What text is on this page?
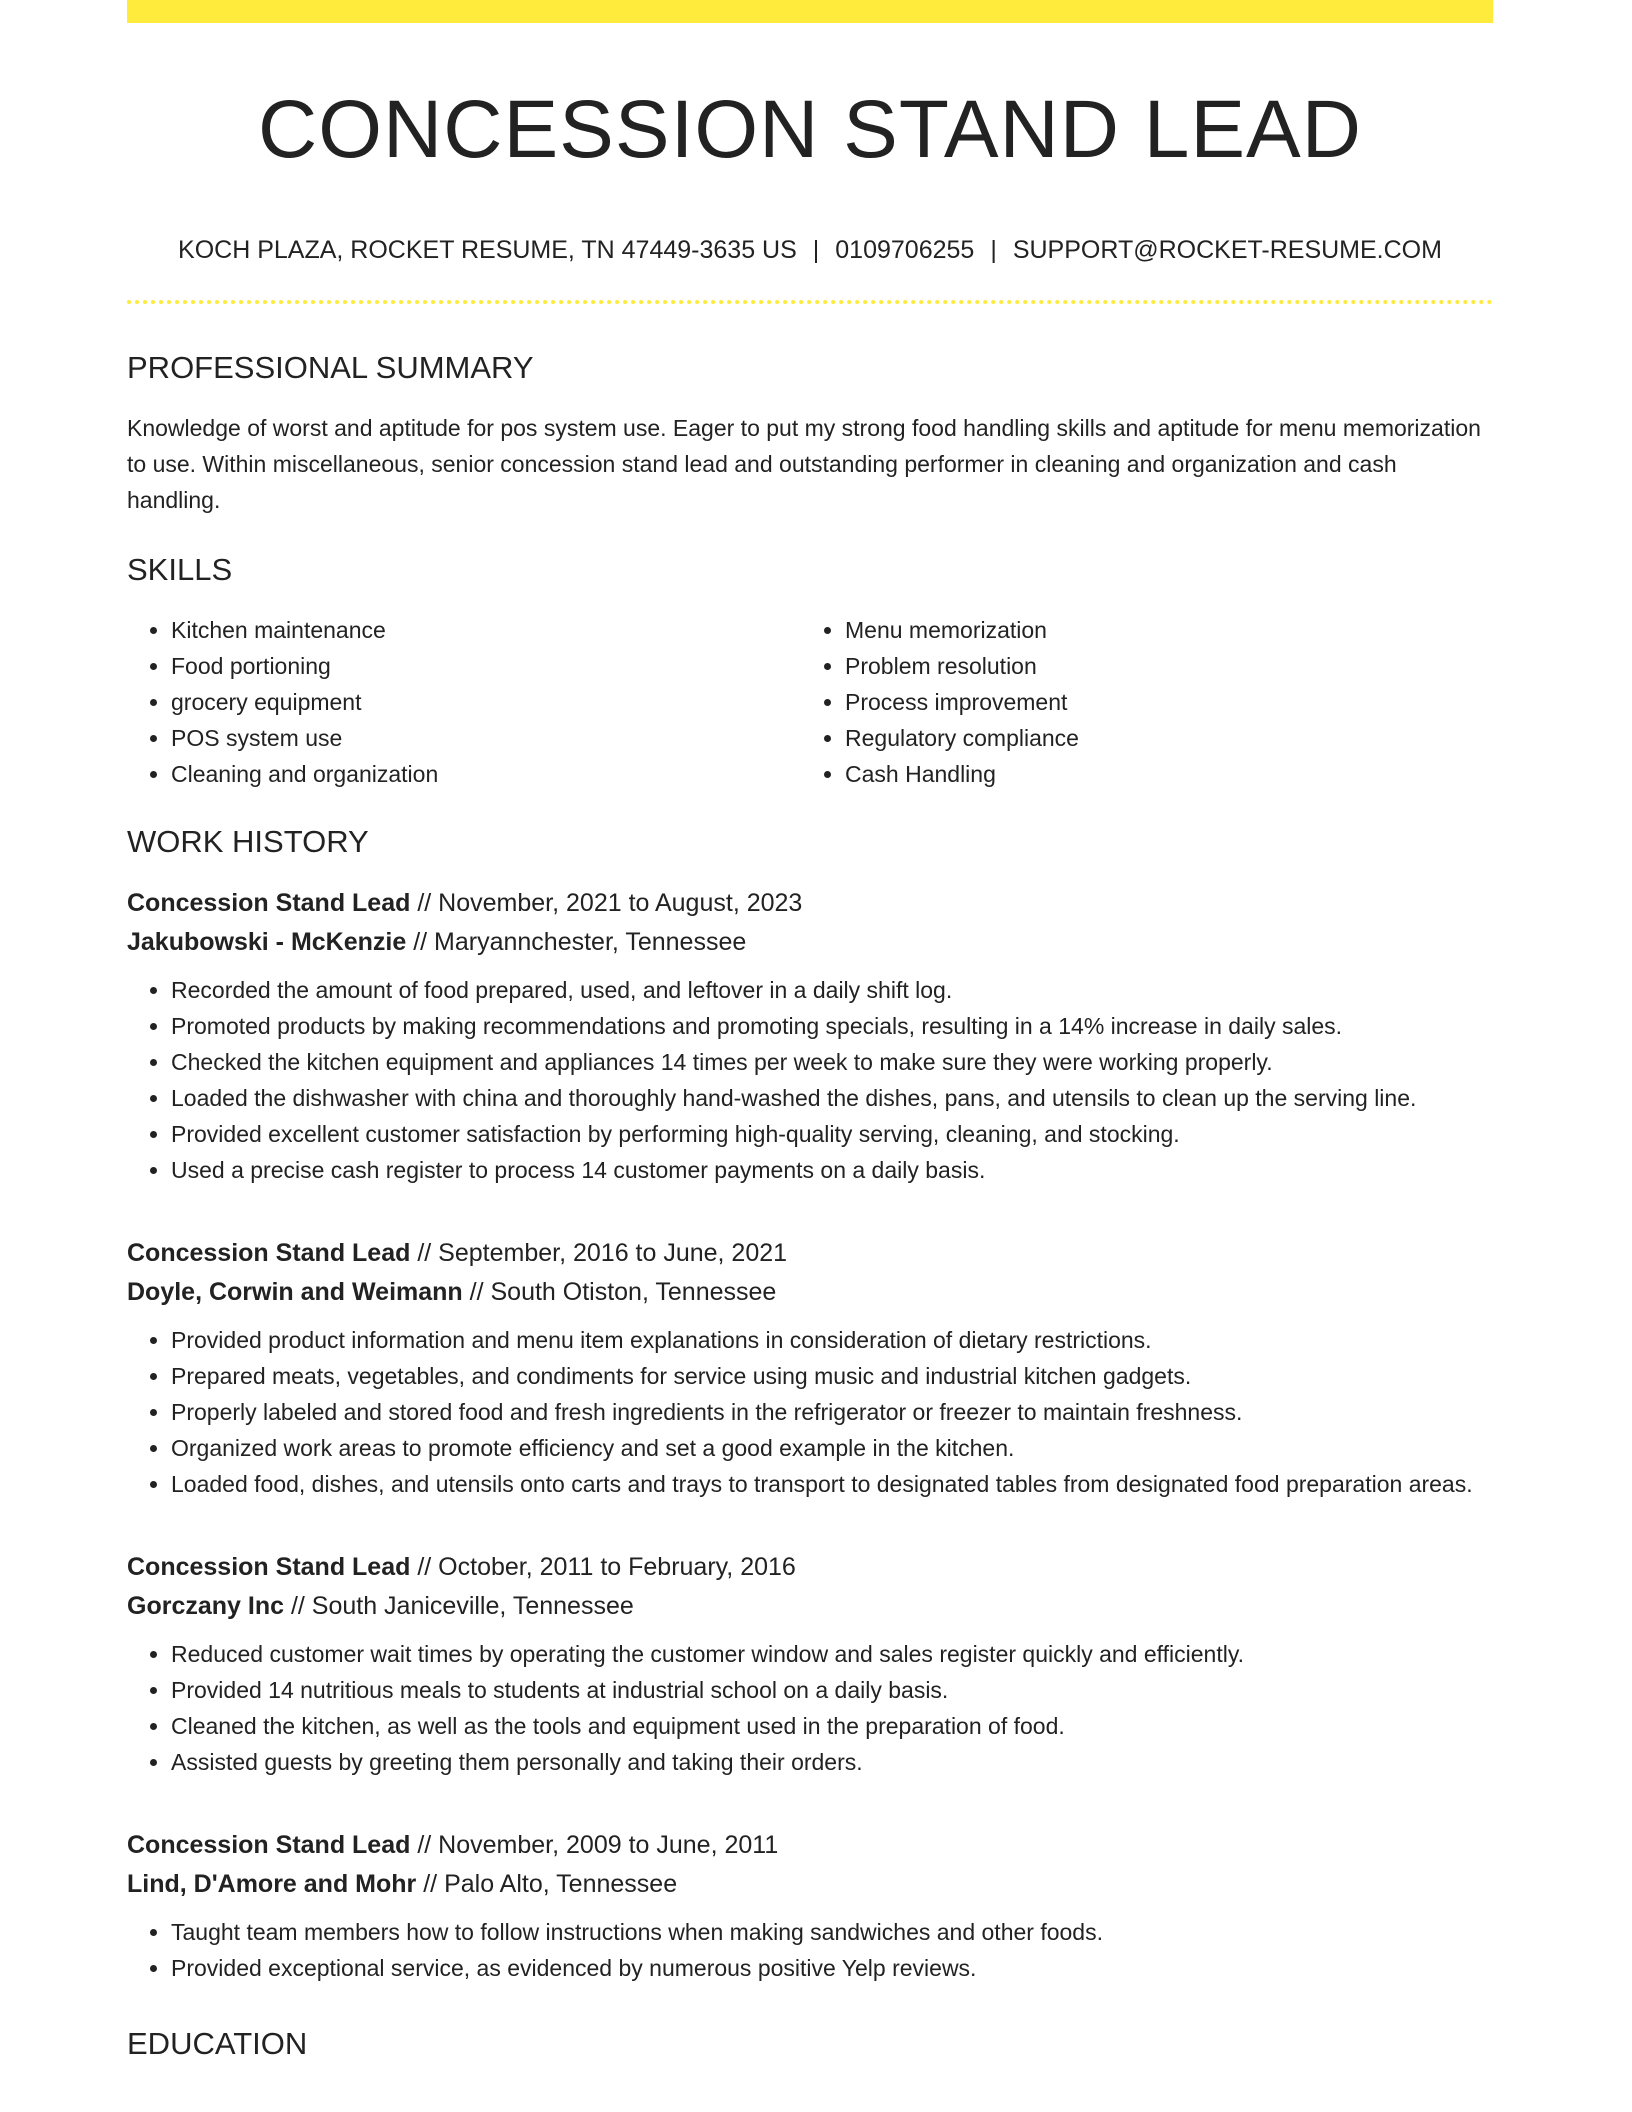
CONCESSION STAND LEAD
KOCH PLAZA, ROCKET RESUME, TN 47449-3635 US | 0109706255 | SUPPORT@ROCKET-RESUME.COM
PROFESSIONAL SUMMARY
Knowledge of worst and aptitude for pos system use. Eager to put my strong food handling skills and aptitude for menu memorization to use. Within miscellaneous, senior concession stand lead and outstanding performer in cleaning and organization and cash handling.
SKILLS
• Kitchen maintenance
• Food portioning
• grocery equipment
• POS system use
• Cleaning and organization
• Menu memorization
• Problem resolution
• Process improvement
• Regulatory compliance
• Cash Handling
WORK HISTORY
Concession Stand Lead // November, 2021 to August, 2023
Jakubowski - McKenzie // Maryannchester, Tennessee
• Recorded the amount of food prepared, used, and leftover in a daily shift log.
• Promoted products by making recommendations and promoting specials, resulting in a 14% increase in daily sales.
• Checked the kitchen equipment and appliances 14 times per week to make sure they were working properly.
• Loaded the dishwasher with china and thoroughly hand-washed the dishes, pans, and utensils to clean up the serving line.
• Provided excellent customer satisfaction by performing high-quality serving, cleaning, and stocking.
• Used a precise cash register to process 14 customer payments on a daily basis.
Concession Stand Lead // September, 2016 to June, 2021
Doyle, Corwin and Weimann // South Otiston, Tennessee
• Provided product information and menu item explanations in consideration of dietary restrictions.
• Prepared meats, vegetables, and condiments for service using music and industrial kitchen gadgets.
• Properly labeled and stored food and fresh ingredients in the refrigerator or freezer to maintain freshness.
• Organized work areas to promote efficiency and set a good example in the kitchen.
• Loaded food, dishes, and utensils onto carts and trays to transport to designated tables from designated food preparation areas.
Concession Stand Lead // October, 2011 to February, 2016
Gorczany Inc // South Janiceville, Tennessee
• Reduced customer wait times by operating the customer window and sales register quickly and efficiently.
• Provided 14 nutritious meals to students at industrial school on a daily basis.
• Cleaned the kitchen, as well as the tools and equipment used in the preparation of food.
• Assisted guests by greeting them personally and taking their orders.
Concession Stand Lead // November, 2009 to June, 2011
Lind, D'Amore and Mohr // Palo Alto, Tennessee
• Taught team members how to follow instructions when making sandwiches and other foods.
• Provided exceptional service, as evidenced by numerous positive Yelp reviews.
EDUCATION
